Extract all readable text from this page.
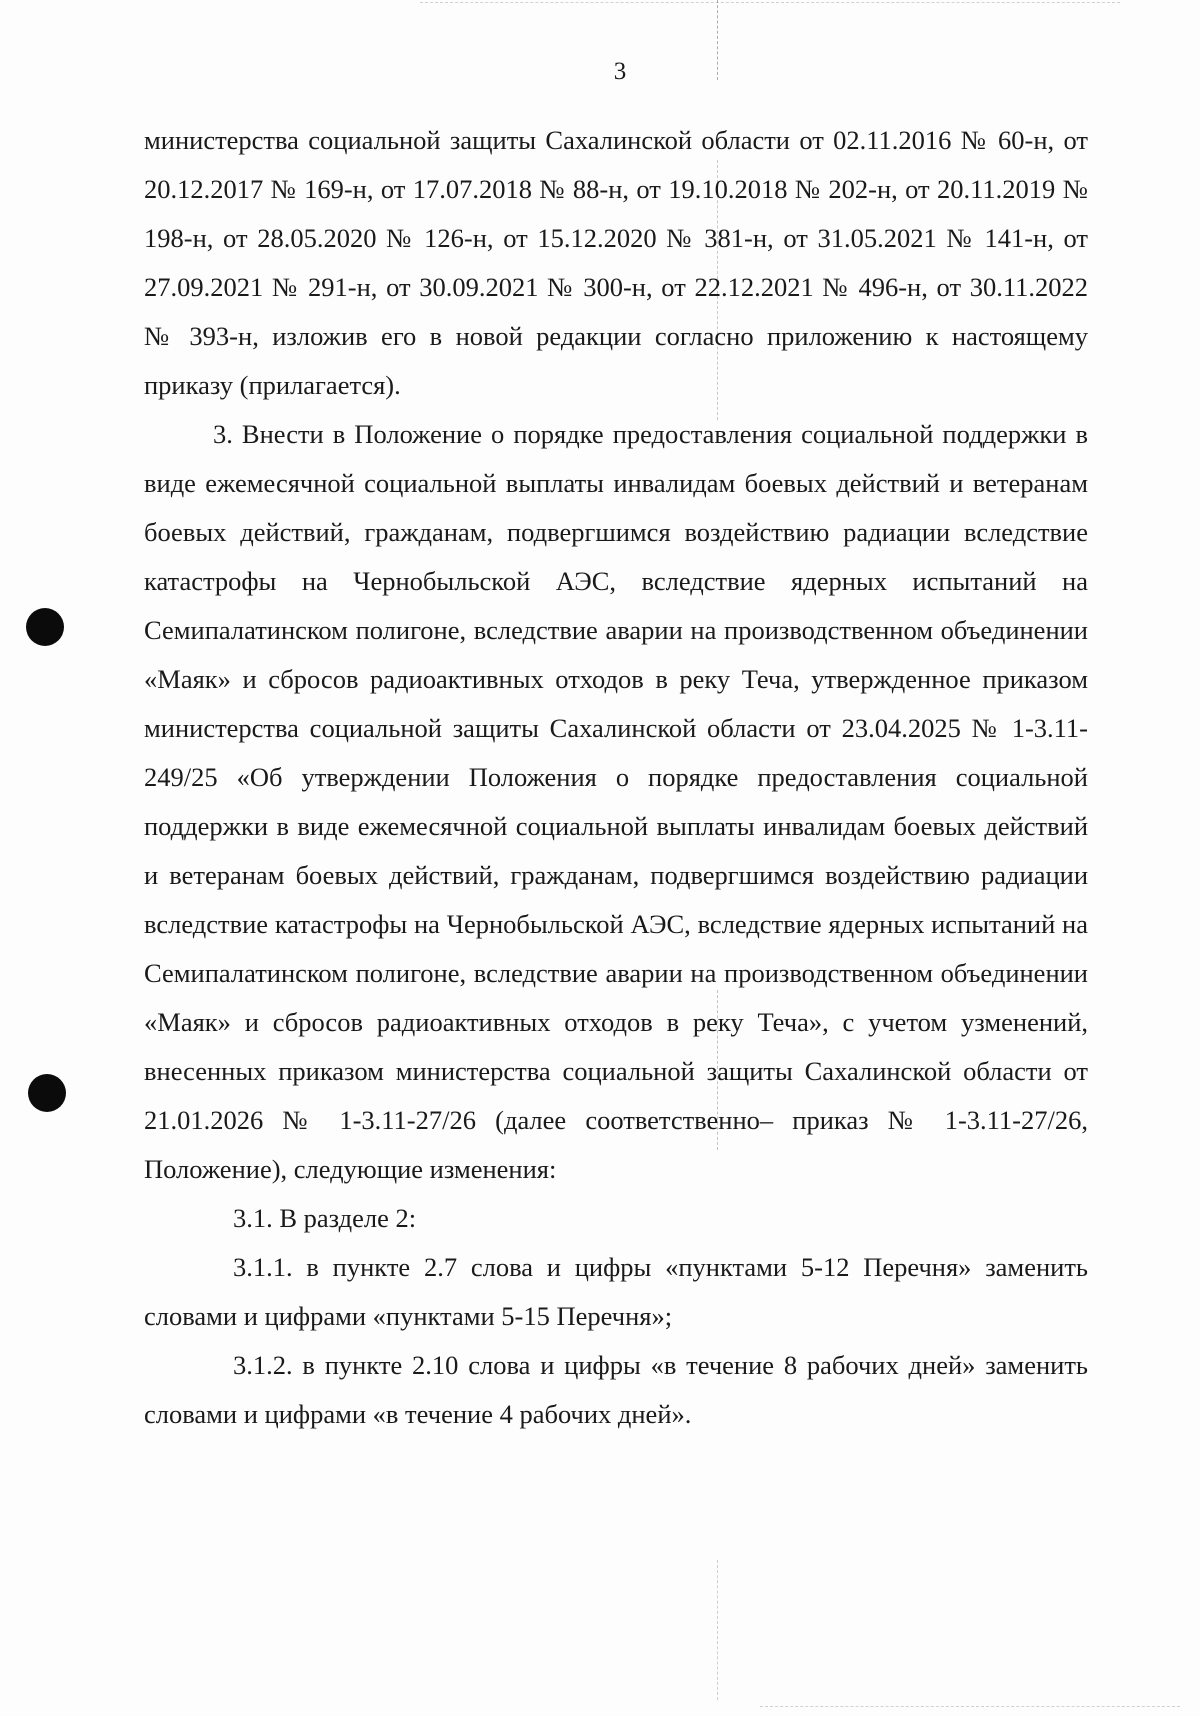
3

министерства социальной защиты Сахалинской области от 02.11.2016 № 60-н, от 20.12.2017 № 169-н, от 17.07.2018 № 88-н, от 19.10.2018 № 202-н, от 20.11.2019 № 198-н, от 28.05.2020 № 126-н, от 15.12.2020 № 381-н, от 31.05.2021 № 141-н, от 27.09.2021 № 291-н, от 30.09.2021 № 300-н, от 22.12.2021 № 496-н, от 30.11.2022 № 393-н, изложив его в новой редакции согласно приложению к настоящему приказу (прилагается).

3. Внести в Положение о порядке предоставления социальной поддержки в виде ежемесячной социальной выплаты инвалидам боевых действий и ветеранам боевых действий, гражданам, подвергшимся воздействию радиации вследствие катастрофы на Чернобыльской АЭС, вследствие ядерных испытаний на Семипалатинском полигоне, вследствие аварии на производственном объединении «Маяк» и сбросов радиоактивных отходов в реку Теча, утвержденное приказом министерства социальной защиты Сахалинской области от 23.04.2025 № 1-3.11-249/25 «Об утверждении Положения о порядке предоставления социальной поддержки в виде ежемесячной социальной выплаты инвалидам боевых действий и ветеранам боевых действий, гражданам, подвергшимся воздействию радиации вследствие катастрофы на Чернобыльской АЭС, вследствие ядерных испытаний на Семипалатинском полигоне, вследствие аварии на производственном объединении «Маяк» и сбросов радиоактивных отходов в реку Теча», с учетом узменений, внесенных приказом министерства социальной защиты Сахалинской области от 21.01.2026 № 1-3.11-27/26 (далее соответственно– приказ № 1-3.11-27/26, Положение), следующие изменения:

3.1. В разделе 2:

3.1.1. в пункте 2.7 слова и цифры «пунктами 5-12 Перечня» заменить словами и цифрами «пунктами 5-15 Перечня»;

3.1.2. в пункте 2.10 слова и цифры «в течение 8 рабочих дней» заменить словами и цифрами «в течение 4 рабочих дней».
